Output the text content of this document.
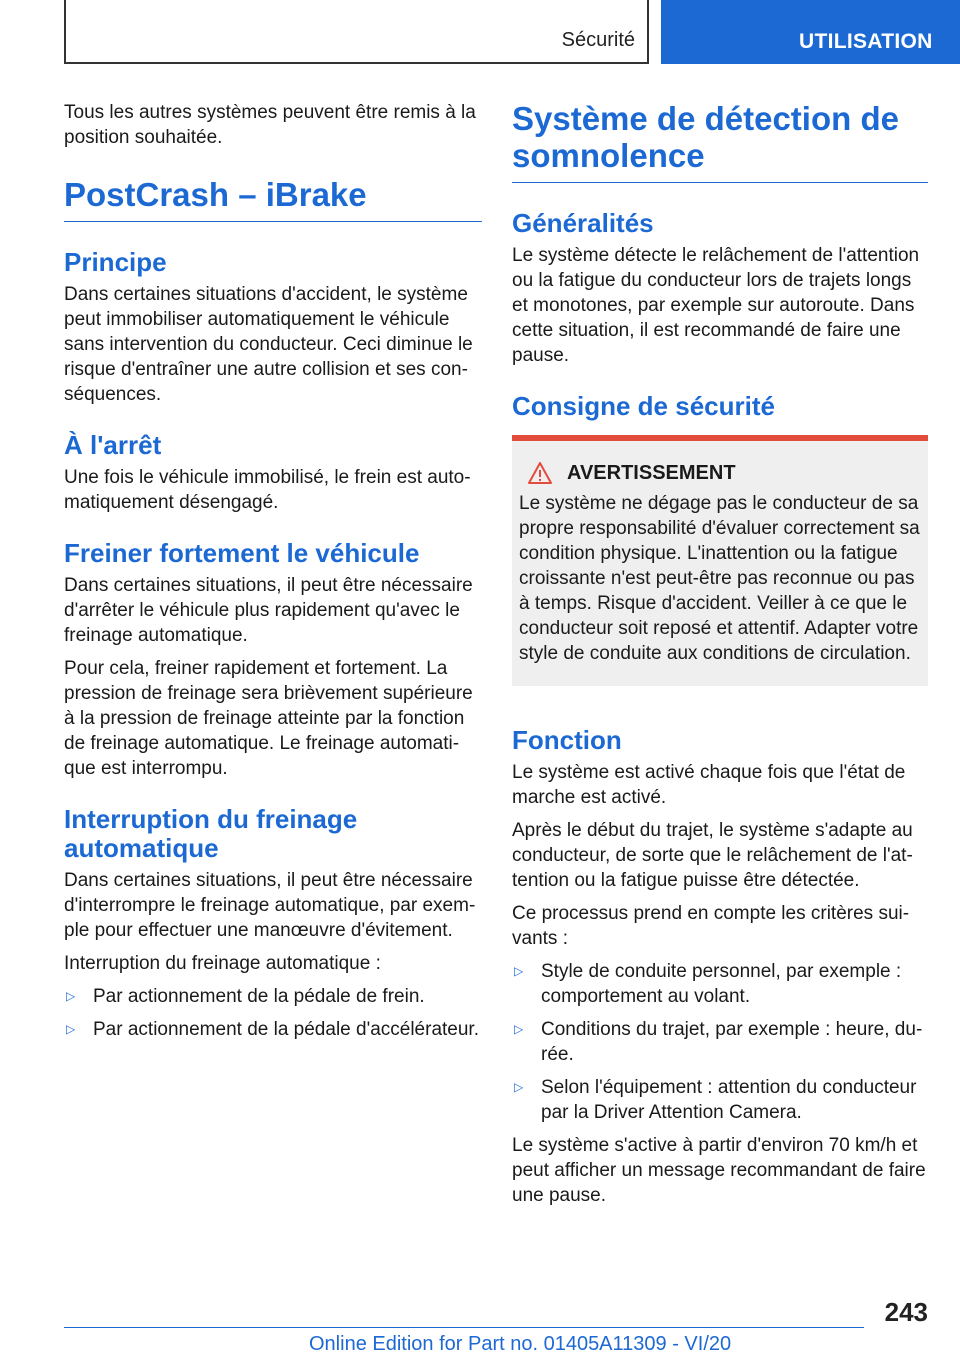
Sécurité	UTILISATION

Tous les autres systèmes peuvent être remis à la position souhaitée.

PostCrash – iBrake
Principe

Dans certaines situations d'accident, le système peut immobiliser automatiquement le véhicule sans intervention du conducteur. Ceci diminue le risque d'entraîner une autre collision et ses conséquences.

À l'arrêt

Une fois le véhicule immobilisé, le frein est automatiquement désengagé.

Freiner fortement le véhicule

Dans certaines situations, il peut être nécessaire d'arrêter le véhicule plus rapidement qu'avec le freinage automatique.

Pour cela, freiner rapidement et fortement. La pression de freinage sera brièvement supérieure à la pression de freinage atteinte par la fonction de freinage automatique. Le freinage automatique est interrompu.

Interruption du freinage automatique

Dans certaines situations, il peut être nécessaire d'interrompre le freinage automatique, par exemple pour effectuer une manœuvre d'évitement.

Interruption du freinage automatique :

▷ Par actionnement de la pédale de frein.
▷ Par actionnement de la pédale d'accélérateur.
Système de détection de somnolence
Généralités

Le système détecte le relâchement de l'attention ou la fatigue du conducteur lors de trajets longs et monotones, par exemple sur autoroute. Dans cette situation, il est recommandé de faire une pause.

Consigne de sécurité
AVERTISSEMENT

Le système ne dégage pas le conducteur de sa propre responsabilité d'évaluer correctement sa condition physique. L'inattention ou la fatigue croissante n'est peut-être pas reconnue ou pas à temps. Risque d'accident. Veiller à ce que le conducteur soit reposé et attentif. Adapter votre style de conduite aux conditions de circulation.

Fonction

Le système est activé chaque fois que l'état de marche est activé.

Après le début du trajet, le système s'adapte au conducteur, de sorte que le relâchement de l'attention ou la fatigue puisse être détectée.

Ce processus prend en compte les critères suivants :

▷ Style de conduite personnel, par exemple : comportement au volant.
▷ Conditions du trajet, par exemple : heure, durée.
▷ Selon l'équipement : attention du conducteur par la Driver Attention Camera.

Le système s'active à partir d'environ 70 km/h et peut afficher un message recommandant de faire une pause.

243
Online Edition for Part no. 01405A11309 - VI/20
